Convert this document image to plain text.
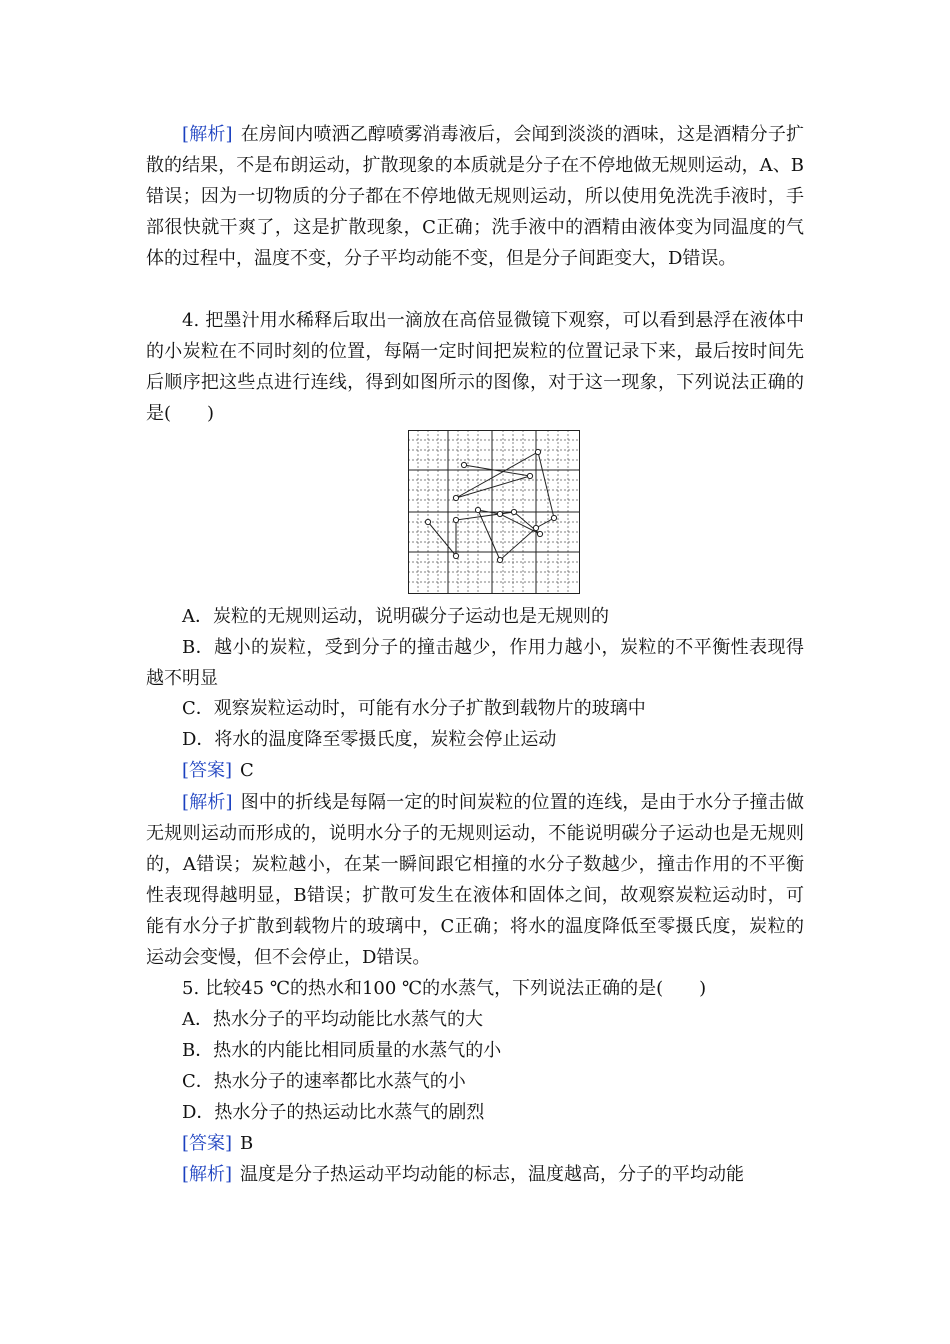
[解析] 在房间内喷洒乙醇喷雾消毒液后，会闻到淡淡的酒味，这是酒精分子扩散的结果，不是布朗运动，扩散现象的本质就是分子在不停地做无规则运动，A、B错误；因为一切物质的分子都在不停地做无规则运动，所以使用免洗洗手液时，手部很快就干爽了，这是扩散现象，C正确；洗手液中的酒精由液体变为同温度的气体的过程中，温度不变，分子平均动能不变，但是分子间距变大，D错误。
4. 把墨汁用水稀释后取出一滴放在高倍显微镜下观察，可以看到悬浮在液体中的小炭粒在不同时刻的位置，每隔一定时间把炭粒的位置记录下来，最后按时间先后顺序把这些点进行连线，得到如图所示的图像，对于这一现象，下列说法正确的是(　　)
A．炭粒的无规则运动，说明碳分子运动也是无规则的
B．越小的炭粒，受到分子的撞击越少，作用力越小，炭粒的不平衡性表现得越不明显
C．观察炭粒运动时，可能有水分子扩散到载物片的玻璃中
D．将水的温度降至零摄氏度，炭粒会停止运动
[答案] C
[解析] 图中的折线是每隔一定的时间炭粒的位置的连线，是由于水分子撞击做无规则运动而形成的，说明水分子的无规则运动，不能说明碳分子运动也是无规则的，A错误；炭粒越小，在某一瞬间跟它相撞的水分子数越少，撞击作用的不平衡性表现得越明显，B错误；扩散可发生在液体和固体之间，故观察炭粒运动时，可能有水分子扩散到载物片的玻璃中，C正确；将水的温度降低至零摄氏度，炭粒的运动会变慢，但不会停止，D错误。
5. 比较45 ℃的热水和100 ℃的水蒸气，下列说法正确的是(　　)
A．热水分子的平均动能比水蒸气的大
B．热水的内能比相同质量的水蒸气的小
C．热水分子的速率都比水蒸气的小
D．热水分子的热运动比水蒸气的剧烈
[答案] B
[解析] 温度是分子热运动平均动能的标志，温度越高，分子的平均动能
